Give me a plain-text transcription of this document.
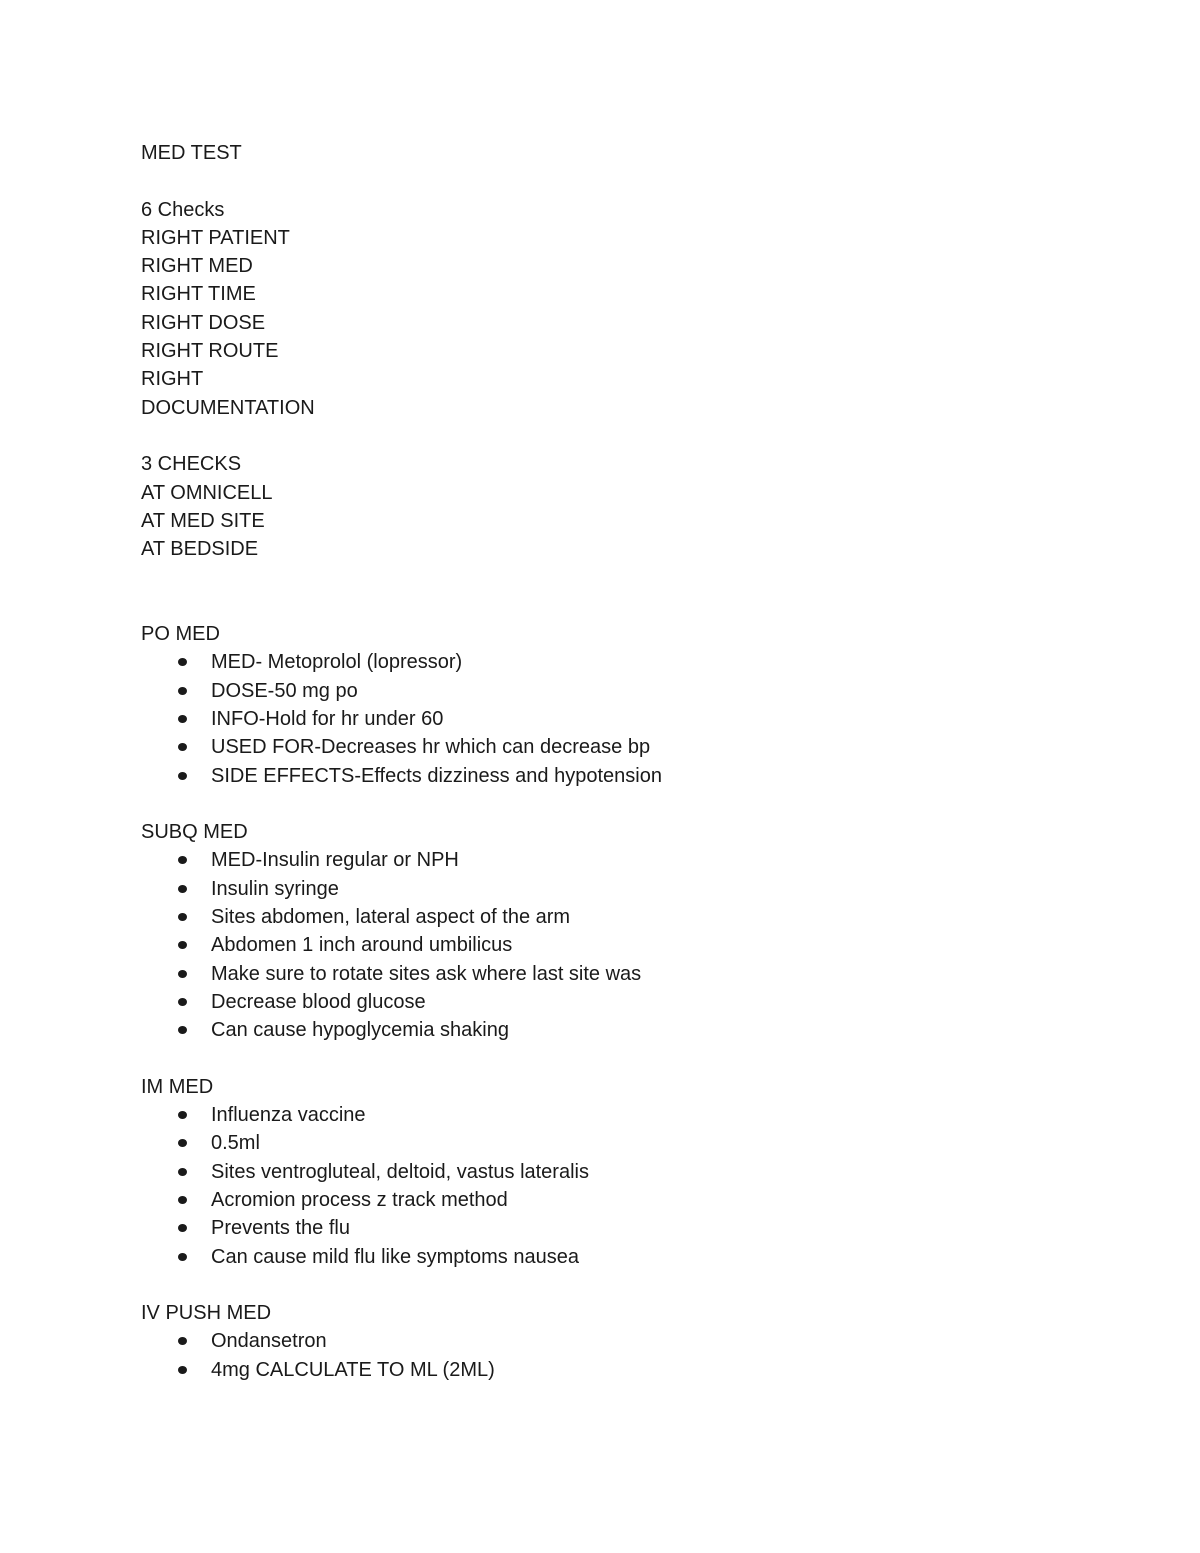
MED TEST
6 Checks
RIGHT PATIENT
RIGHT MED
RIGHT TIME
RIGHT DOSE
RIGHT ROUTE
RIGHT
DOCUMENTATION
3 CHECKS
AT OMNICELL
AT MED SITE
AT BEDSIDE
PO MED
MED- Metoprolol (lopressor)
DOSE-50 mg po
INFO-Hold for hr under 60
USED FOR-Decreases hr which can decrease bp
SIDE EFFECTS-Effects dizziness and hypotension
SUBQ MED
MED-Insulin regular or NPH
Insulin syringe
Sites abdomen, lateral aspect of the arm
Abdomen 1 inch around umbilicus
Make sure to rotate sites ask where last site was
Decrease blood glucose
Can cause hypoglycemia shaking
IM MED
Influenza vaccine
0.5ml
Sites ventrogluteal, deltoid, vastus lateralis
Acromion process z track method
Prevents the flu
Can cause mild flu like symptoms nausea
IV PUSH MED
Ondansetron
4mg CALCULATE TO ML (2ML)
